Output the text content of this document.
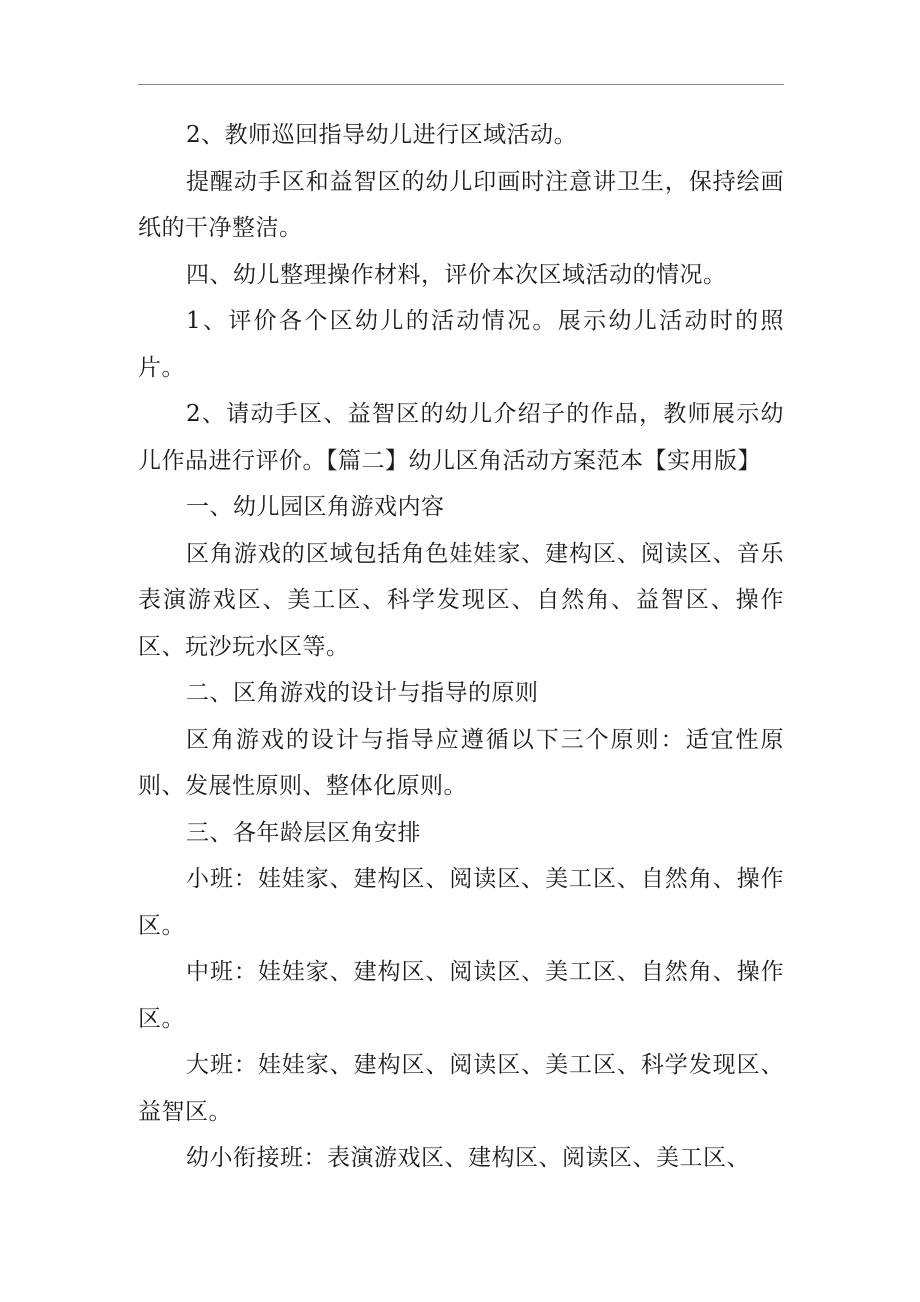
2、教师巡回指导幼儿进行区域活动。

提醒动手区和益智区的幼儿印画时注意讲卫生，保持绘画纸的干净整洁。

四、幼儿整理操作材料，评价本次区域活动的情况。

1、评价各个区幼儿的活动情况。展示幼儿活动时的照片。

2、请动手区、益智区的幼儿介绍子的作品，教师展示幼儿作品进行评价。【篇二】幼儿区角活动方案范本【实用版】

一、幼儿园区角游戏内容

区角游戏的区域包括角色娃娃家、建构区、阅读区、音乐表演游戏区、美工区、科学发现区、自然角、益智区、操作区、玩沙玩水区等。

二、区角游戏的设计与指导的原则

区角游戏的设计与指导应遵循以下三个原则：适宜性原则、发展性原则、整体化原则。

三、各年龄层区角安排

小班：娃娃家、建构区、阅读区、美工区、自然角、操作区。

中班：娃娃家、建构区、阅读区、美工区、自然角、操作区。

大班：娃娃家、建构区、阅读区、美工区、科学发现区、益智区。

幼小衔接班：表演游戏区、建构区、阅读区、美工区、
